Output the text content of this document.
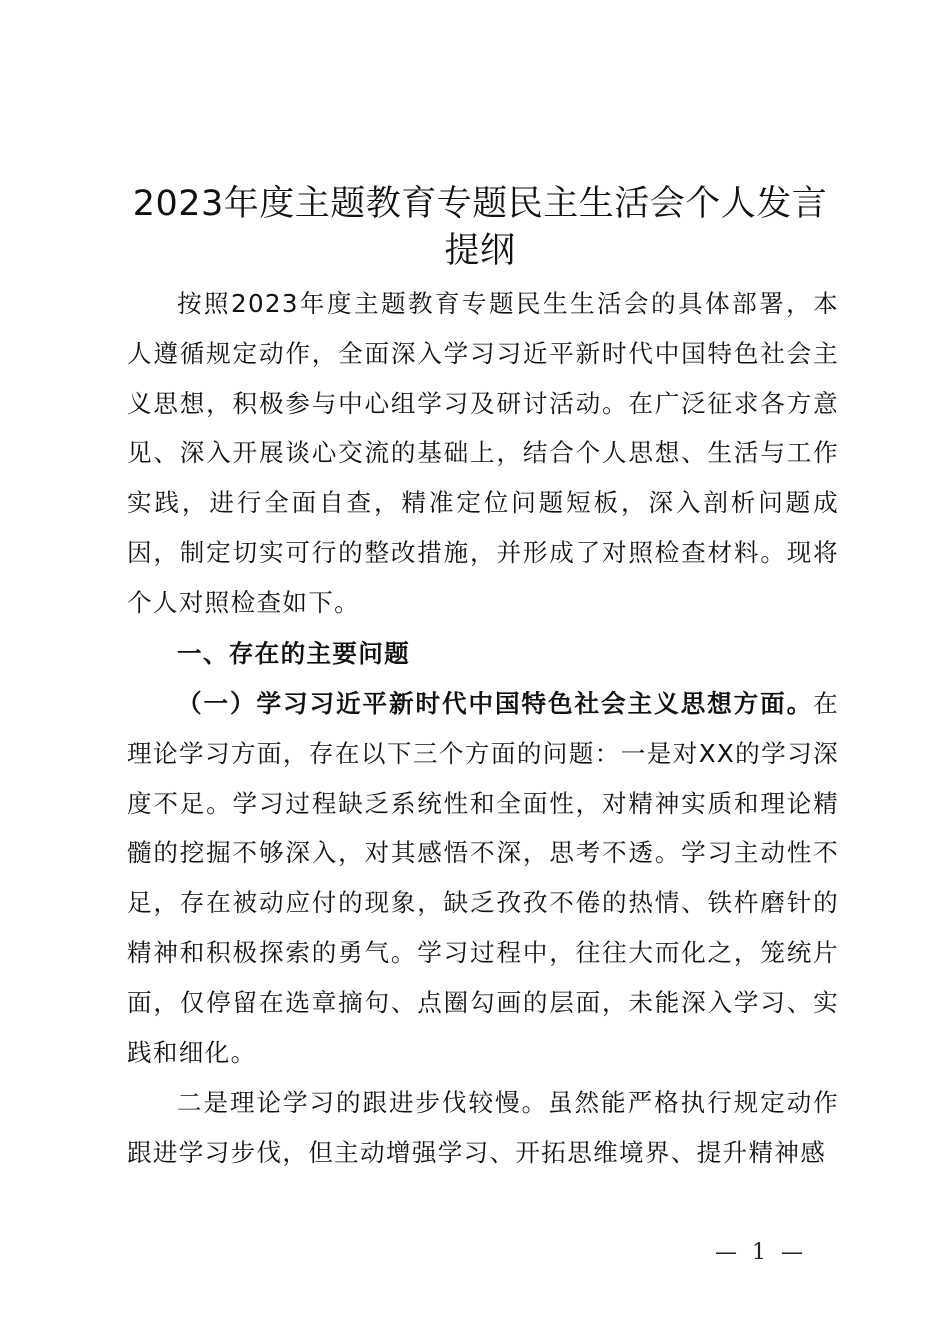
2023年度主题教育专题民主生活会个人发言
提纲

按照2023年度主题教育专题民生生活会的具体部署，本人遵循规定动作，全面深入学习习近平新时代中国特色社会主义思想，积极参与中心组学习及研讨活动。在广泛征求各方意见、深入开展谈心交流的基础上，结合个人思想、生活与工作实践，进行全面自查，精准定位问题短板，深入剖析问题成因，制定切实可行的整改措施，并形成了对照检查材料。现将个人对照检查如下。

一、存在的主要问题

（一）学习习近平新时代中国特色社会主义思想方面。在理论学习方面，存在以下三个方面的问题：一是对XX的学习深度不足。学习过程缺乏系统性和全面性，对精神实质和理论精髓的挖掘不够深入，对其感悟不深，思考不透。学习主动性不足，存在被动应付的现象，缺乏孜孜不倦的热情、铁杵磨针的精神和积极探索的勇气。学习过程中，往往大而化之，笼统片面，仅停留在选章摘句、点圈勾画的层面，未能深入学习、实践和细化。

二是理论学习的跟进步伐较慢。虽然能严格执行规定动作跟进学习步伐，但主动增强学习、开拓思维境界、提升精神感

— 1 —
